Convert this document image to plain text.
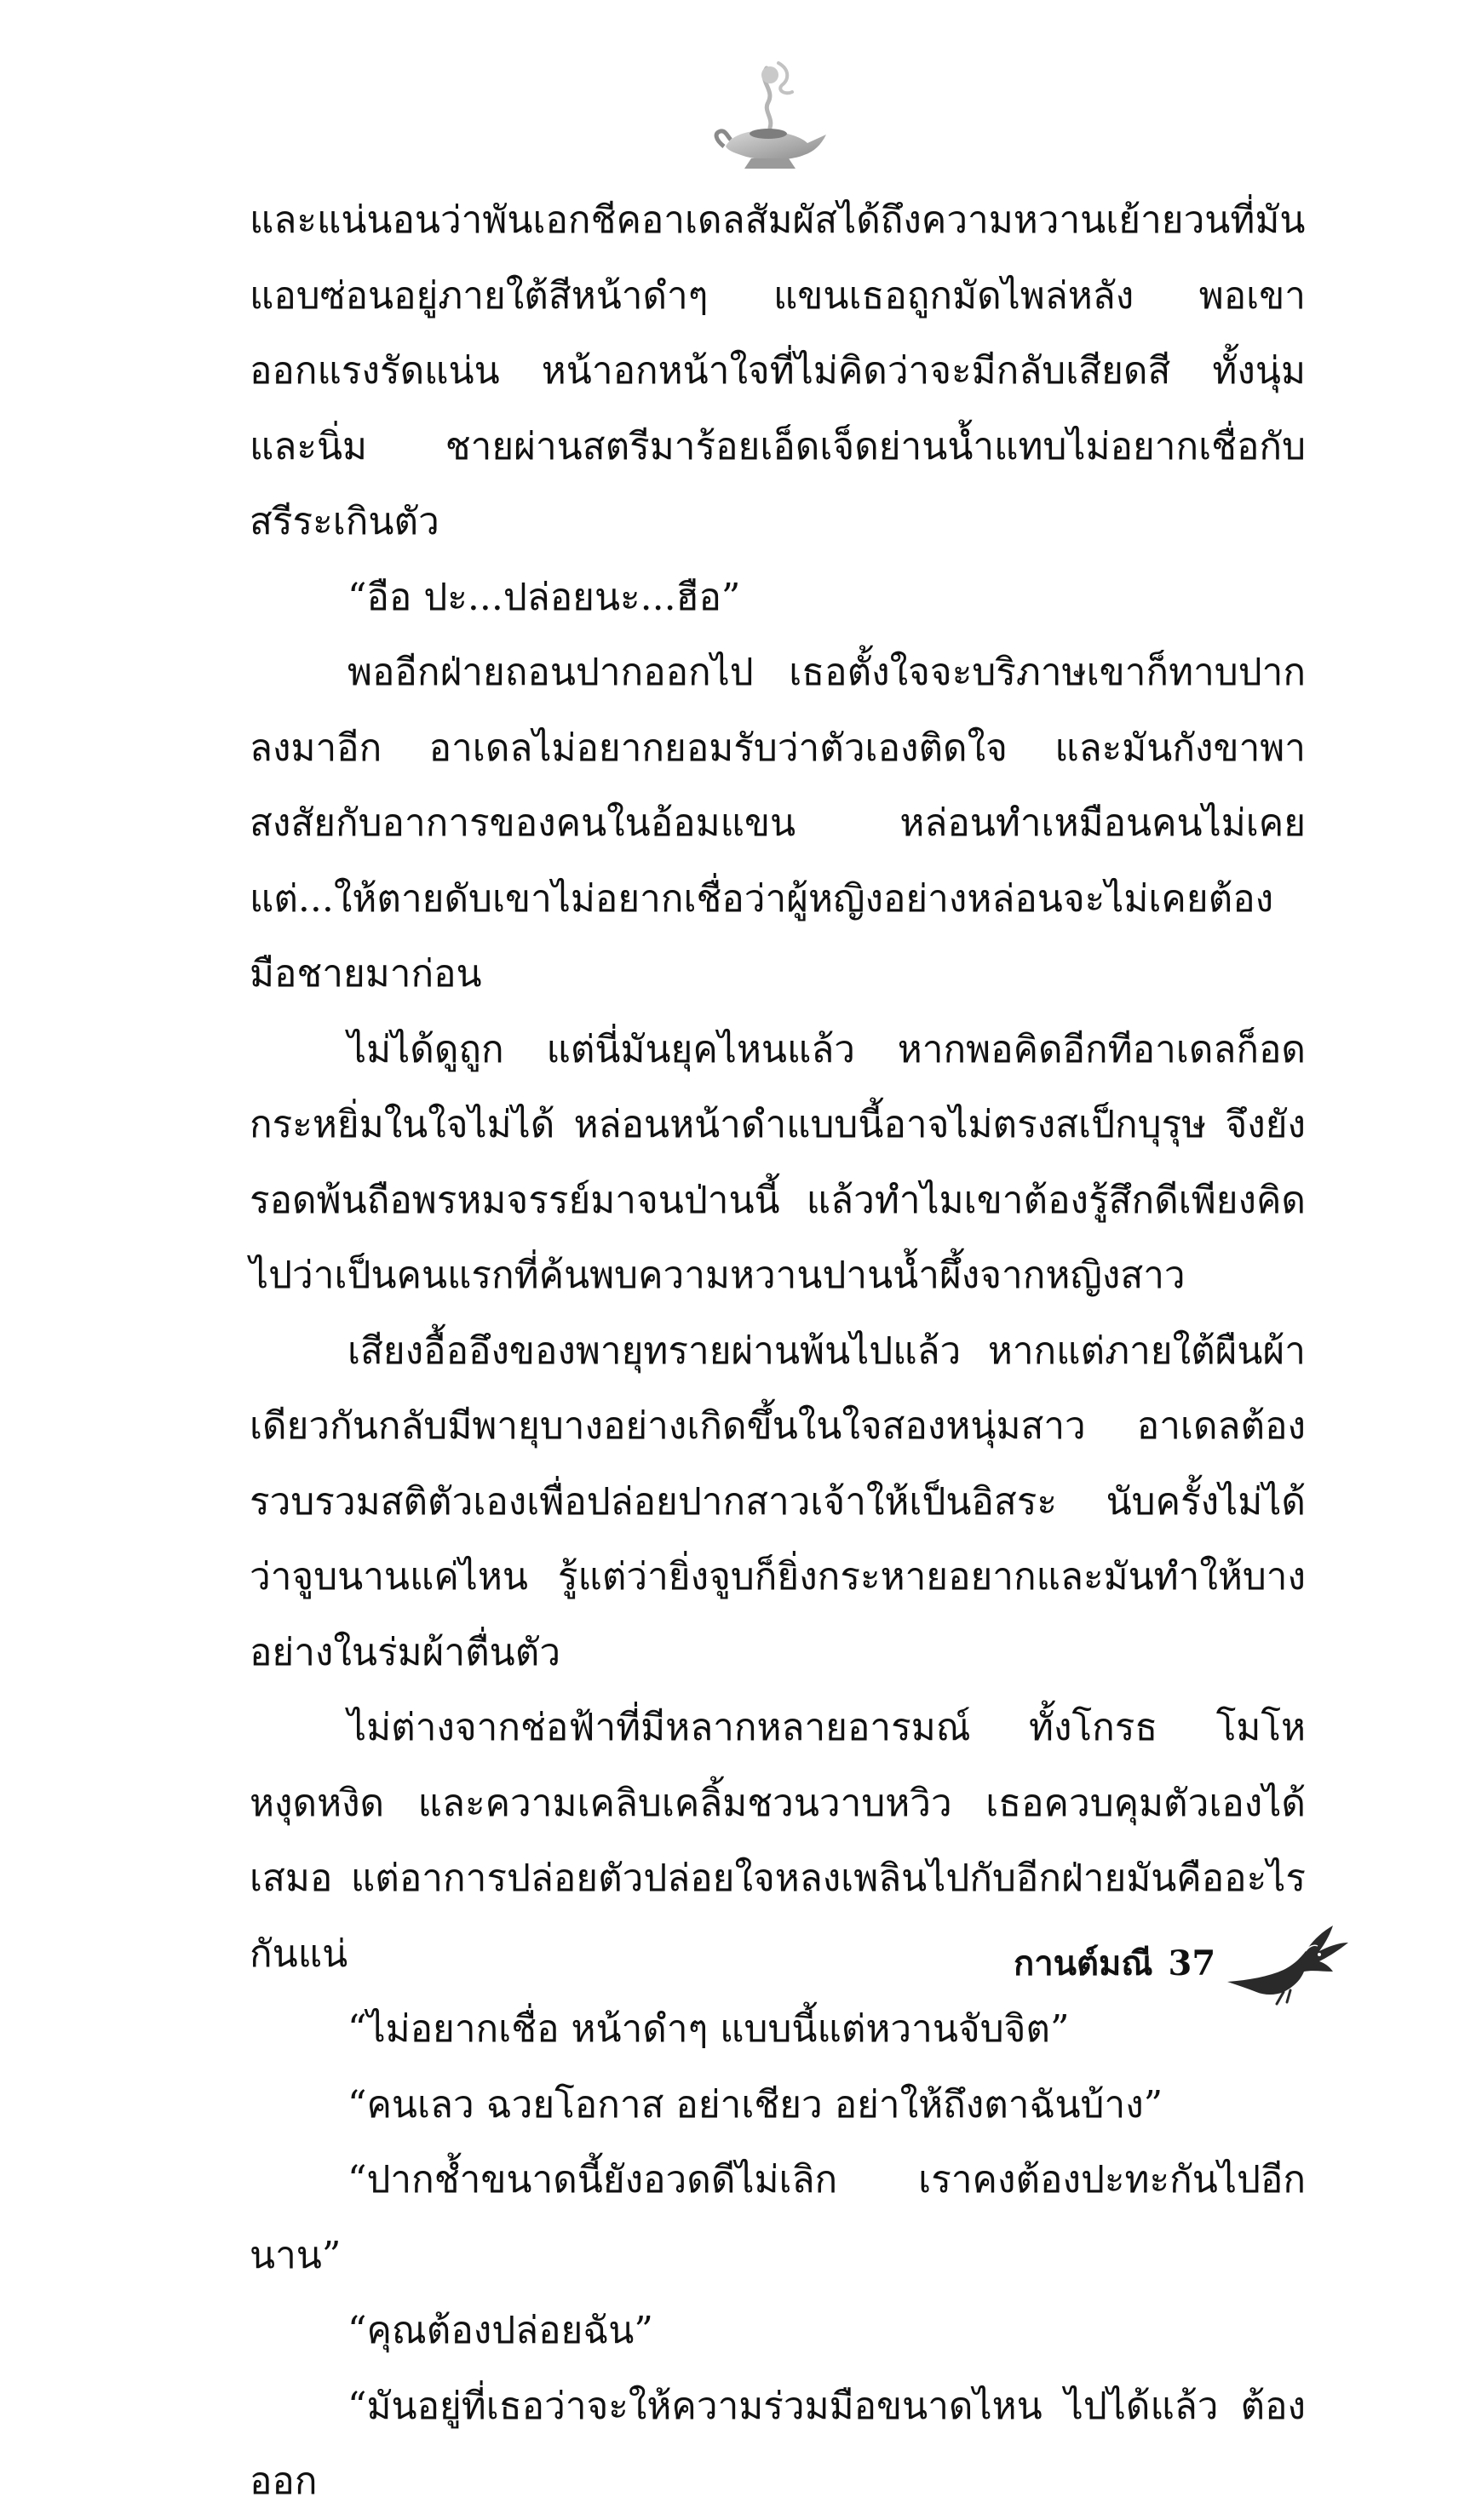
และแน่นอนว่าพันเอกชีคอาเดลสัมผัสได้ถึงความหวานเย้ายวนที่มันแอบซ่อนอยู่ภายใต้สีหน้าดำๆ แขนเธอถูกมัดไพล่หลัง พอเขาออกแรงรัดแน่น หน้าอกหน้าใจที่ไม่คิดว่าจะมีกลับเสียดสี ทั้งนุ่มและนิ่ม ชายผ่านสตรีมาร้อยเอ็ดเจ็ดย่านน้ำแทบไม่อยากเชื่อกับสรีระเกินตัว

“อือ ปะ...ปล่อยนะ...ฮือ”

พออีกฝ่ายถอนปากออกไป เธอตั้งใจจะบริภาษเขาก็ทาบปากลงมาอีก อาเดลไม่อยากยอมรับว่าตัวเองติดใจ และมันกังขาพาสงสัยกับอาการของคนในอ้อมแขน หล่อนทำเหมือนคนไม่เคย แต่...ให้ตายดับเขาไม่อยากเชื่อว่าผู้หญิงอย่างหล่อนจะไม่เคยต้องมือชายมาก่อน

ไม่ได้ดูถูก แต่นี่มันยุคไหนแล้ว หากพอคิดอีกทีอาเดลก็อดกระหยิ่มในใจไม่ได้ หล่อนหน้าดำแบบนี้อาจไม่ตรงสเป็กบุรุษ จึงยังรอดพ้นถือพรหมจรรย์มาจนป่านนี้ แล้วทำไมเขาต้องรู้สึกดีเพียงคิดไปว่าเป็นคนแรกที่ค้นพบความหวานปานน้ำผึ้งจากหญิงสาว

เสียงอื้ออึงของพายุทรายผ่านพ้นไปแล้ว หากแต่ภายใต้ผืนผ้าเดียวกันกลับมีพายุบางอย่างเกิดขึ้นในใจสองหนุ่มสาว อาเดลต้องรวบรวมสติตัวเองเพื่อปล่อยปากสาวเจ้าให้เป็นอิสระ นับครั้งไม่ได้ว่าจูบนานแค่ไหน รู้แต่ว่ายิ่งจูบก็ยิ่งกระหายอยากและมันทำให้บางอย่างในร่มผ้าตื่นตัว

ไม่ต่างจากช่อฟ้าที่มีหลากหลายอารมณ์ ทั้งโกรธ โมโห หงุดหงิด และความเคลิบเคลิ้มชวนวาบหวิว เธอควบคุมตัวเองได้เสมอ แต่อาการปล่อยตัวปล่อยใจหลงเพลินไปกับอีกฝ่ายมันคืออะไรกันแน่

“ไม่อยากเชื่อ หน้าดำๆ แบบนี้แต่หวานจับจิต”

“คนเลว ฉวยโอกาส อย่าเชียว อย่าให้ถึงตาฉันบ้าง”

“ปากช้ำขนาดนี้ยังอวดดีไม่เลิก เราคงต้องปะทะกันไปอีกนาน”

“คุณต้องปล่อยฉัน”

“มันอยู่ที่เธอว่าจะให้ความร่วมมือขนาดไหน ไปได้แล้ว ต้องออก

กานต์มณี 37
